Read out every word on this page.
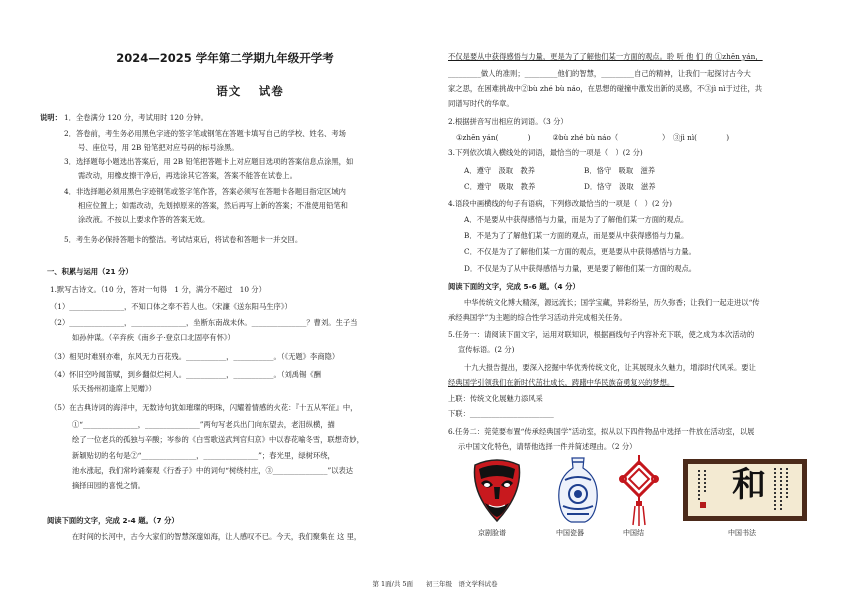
2024—2025 学年第二学期九年级开学考
语文　 试卷
说明： 1．全卷满分 120 分，考试用时 120 分钟。
2．答卷前，考生务必用黑色字迹的签字笔或钢笔在答题卡填写自己的学校、姓名、考场
号、座位号，用 2B 铅笔把对应号码的标号涂黑。
3．选择题每小题选出答案后，用 2B 铅笔把答题卡上对应题目选项的答案信息点涂黑，如
需改动，用橡皮擦干净后，再选涂其它答案，答案不能答在试卷上。
4．非选择题必须用黑色字迹钢笔或签字笔作答，答案必须写在答题卡各题目指定区域内
相应位置上；如需改动，先划掉原来的答案，然后再写上新的答案；不准使用铅笔和
涂改液。不按以上要求作答的答案无效。
5．考生务必保持答题卡的整洁。考试结束后，将试卷和答题卡一并交回。
一、积累与运用（21 分）
1.默写古诗文。（10 分，答对一句得　1 分，满分不超过　10 分）
（1）_______________，不知口体之奉不若人也。（宋濂《送东阳马生序》）
（2）_______________，_______________，坐断东南战未休。_______________？曹刘。生子当
如孙仲谋。（辛弃疾《南乡子·登京口北固亭有怀》）
（3）相见时难别亦难，东风无力百花残。___________，___________。（《无题》李商隐）
（4）怀旧空吟闻笛赋，到乡翻似烂柯人。___________，___________。（刘禹锡《酬
乐天扬州初逢席上见赠》）
（5）在古典诗词的海洋中，无数诗句犹如璀璨的明珠，闪耀着情感的火花：『十五从军征』中，
①“_______________，_______________”两句写老兵出门向东望去，老泪纵横，描
绘了一位老兵的孤独与辛酸；岑参的《白雪歌送武判官归京》中以春花喻冬雪，联想奇妙，
新颖贴切的名句是②“_______________，_______________”；春光里，绿树环绕，
池水涨起，我们常吟诵秦观《行香子》中的词句“树绕村庄，③_______________”以表达
摘择田园的喜悦之情。
阅读下面的文字，完成 2-4 题。（7 分）
在时间的长河中，古今大家们的智慧深邃如海，让人感叹不已。今天，我们聚集在 这 里，
不仅是要从中获得感悟与力量，更是为了了解他们某一方面的观点。聆 听 他 们 的 ①zhēn yán，
_________做人的准则；_________他们的智慧，_________自己的精神，让我们一起探讨古今大
家之思，在困难挑战中②bù zhé bù náo，在思想的碰撞中激发出新的灵感，不③jì nì于过往，共
同谱写时代的华章。
2.根据拼音写出相应的词语。（3 分）
①zhēn yán(　　　　)　　　②bù zhé bù náo（　　　　　　）　③jì nì(　　　　)
3.下列依次填入横线处的词语，最恰当的一项是（　）(2 分)
A．遵守　汲取　教养	B．恪守　吸取　滋养
C．遵守　吸取　教养	D．恪守　汲取　滋养
4.语段中画横线的句子有语病，下列修改最恰当的一项是（　）(2 分)
A．不是要从中获得感悟与力量，而是为了了解他们某一方面的观点。
B．不是为了了解他们某一方面的观点，而是要从中获得感悟与力量。
C．不仅是为了了解他们某一方面的观点，更是要从中获得感悟与力量。
D．不仅是为了从中获得感悟与力量，更是要了解他们某一方面的观点。
阅读下面的文字，完成 5-6 题。（4 分）
中华传统文化博大精深，源远流长；国学宝藏，异彩纷呈，历久弥香；让我们一起走进以“传
承经典国学”为主题的综合性学习活动并完成相关任务。
5.任务一：请阅读下面文字，运用对联知识，根据画线句子内容补充下联，使之成为本次活动的
宣传标语。(2 分)
十九大报告提出，要深入挖掘中华优秀传统文化，让其展现永久魅力，增添时代风采。要让
经典国学引领我们在新时代茁壮成长，踌躇中华民族奋勇复兴的梦想。
上联：传统文化展魅力添风采
下联：_______________________
6.任务二：莞莞要布置“传承经典国学”活动室，拟从以下四件物品中选择一件放在活动室，以展
示中国文化特色，请帮他选择一件并简述理由。（2 分）
京剧脸谱	中国瓷器	中国结
和
中国书法
第 1面/共 5面　　初三年级　语文学科试卷
